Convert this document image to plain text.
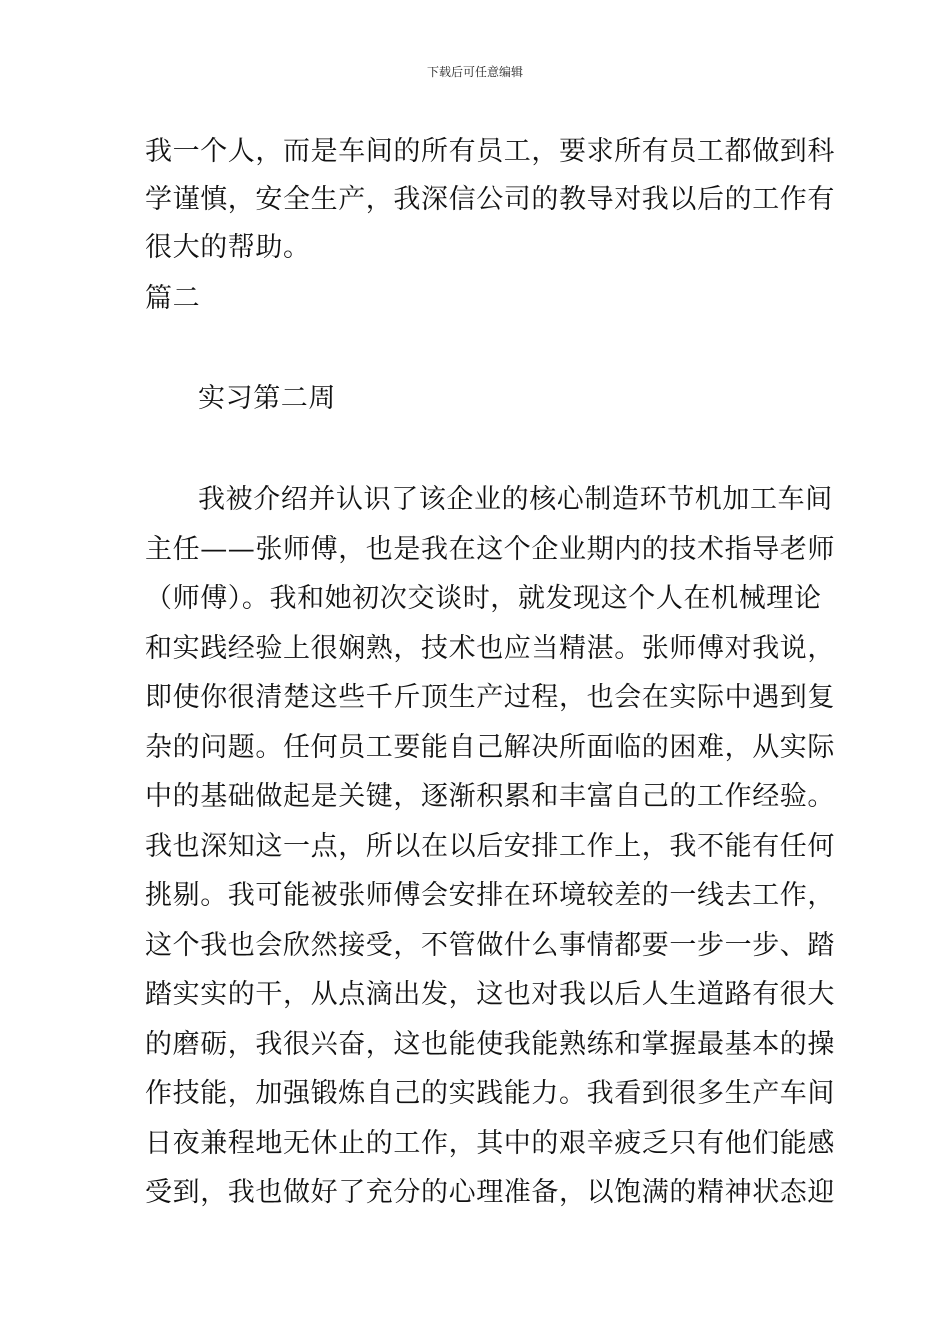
下载后可任意编辑
我一个人，而是车间的所有员工，要求所有员工都做到科
学谨慎，安全生产，我深信公司的教导对我以后的工作有
很大的帮助。
篇二
实习第二周
我被介绍并认识了该企业的核心制造环节机加工车间
主任——张师傅，也是我在这个企业期内的技术指导老师
（师傅）。我和她初次交谈时，就发现这个人在机械理论
和实践经验上很娴熟，技术也应当精湛。张师傅对我说，
即使你很清楚这些千斤顶生产过程，也会在实际中遇到复
杂的问题。任何员工要能自己解决所面临的困难，从实际
中的基础做起是关键，逐渐积累和丰富自己的工作经验。
我也深知这一点，所以在以后安排工作上，我不能有任何
挑剔。我可能被张师傅会安排在环境较差的一线去工作，
这个我也会欣然接受，不管做什么事情都要一步一步、踏
踏实实的干，从点滴出发，这也对我以后人生道路有很大
的磨砺，我很兴奋，这也能使我能熟练和掌握最基本的操
作技能，加强锻炼自己的实践能力。我看到很多生产车间
日夜兼程地无休止的工作，其中的艰辛疲乏只有他们能感
受到，我也做好了充分的心理准备，以饱满的精神状态迎
